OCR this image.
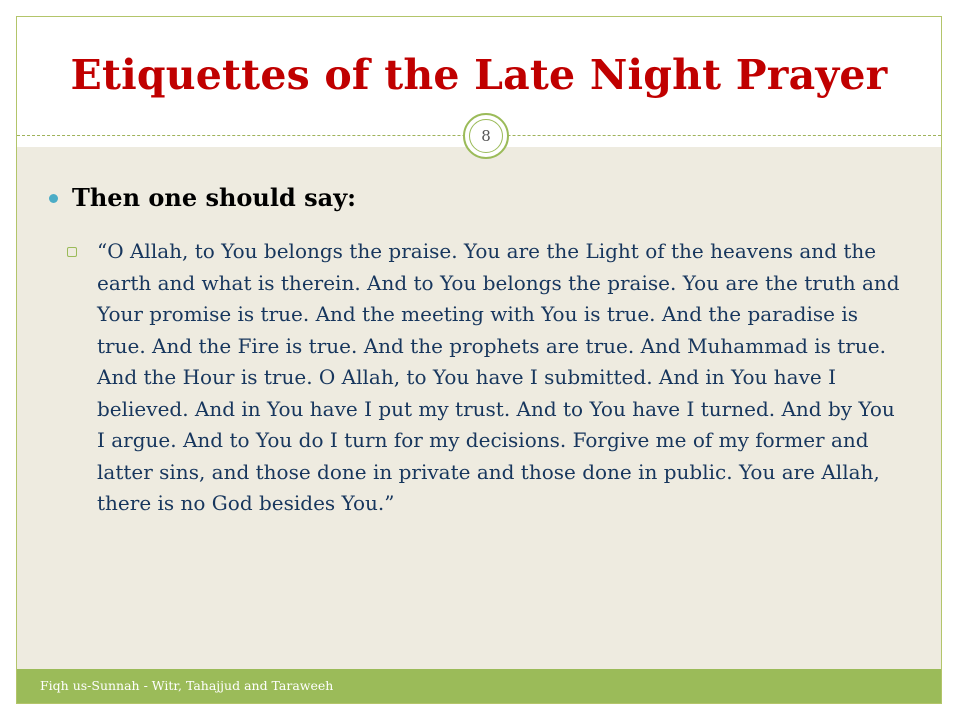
Etiquettes of the Late Night Prayer
8
Then one should say:
“O Allah, to You belongs the praise. You are the Light of the heavens and the earth and what is therein. And to You belongs the praise. You are the truth and Your promise is true. And the meeting with You is true. And the paradise is true. And the Fire is true. And the prophets are true. And Muhammad is true. And the Hour is true. O Allah, to You have I submitted. And in You have I believed. And in You have I put my trust. And to You have I turned. And by You I argue. And to You do I turn for my decisions. Forgive me of my former and latter sins, and those done in private and those done in public. You are Allah, there is no God besides You.”
Fiqh us-Sunnah - Witr, Tahajjud and Taraweeh
